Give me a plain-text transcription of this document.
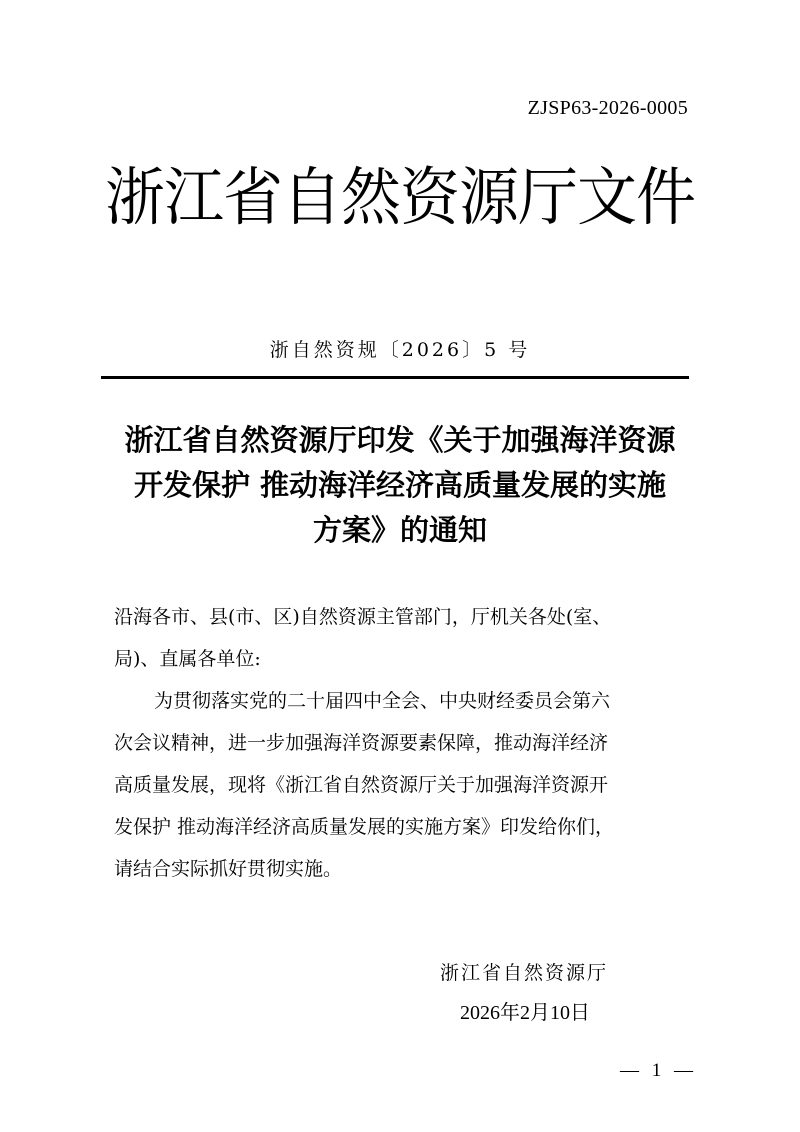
ZJSP63-2026-0005
浙江省自然资源厅文件
浙自然资规〔2026〕5 号
浙江省自然资源厅印发《关于加强海洋资源
开发保护 推动海洋经济高质量发展的实施
方案》的通知
沿海各市、县(市、区)自然资源主管部门，厅机关各处(室、
局)、直属各单位:
为贯彻落实党的二十届四中全会、中央财经委员会第六
次会议精神，进一步加强海洋资源要素保障，推动海洋经济
高质量发展，现将《浙江省自然资源厅关于加强海洋资源开
发保护 推动海洋经济高质量发展的实施方案》印发给你们，
请结合实际抓好贯彻实施。
浙江省自然资源厅
2026年2月10日
— 1 —
